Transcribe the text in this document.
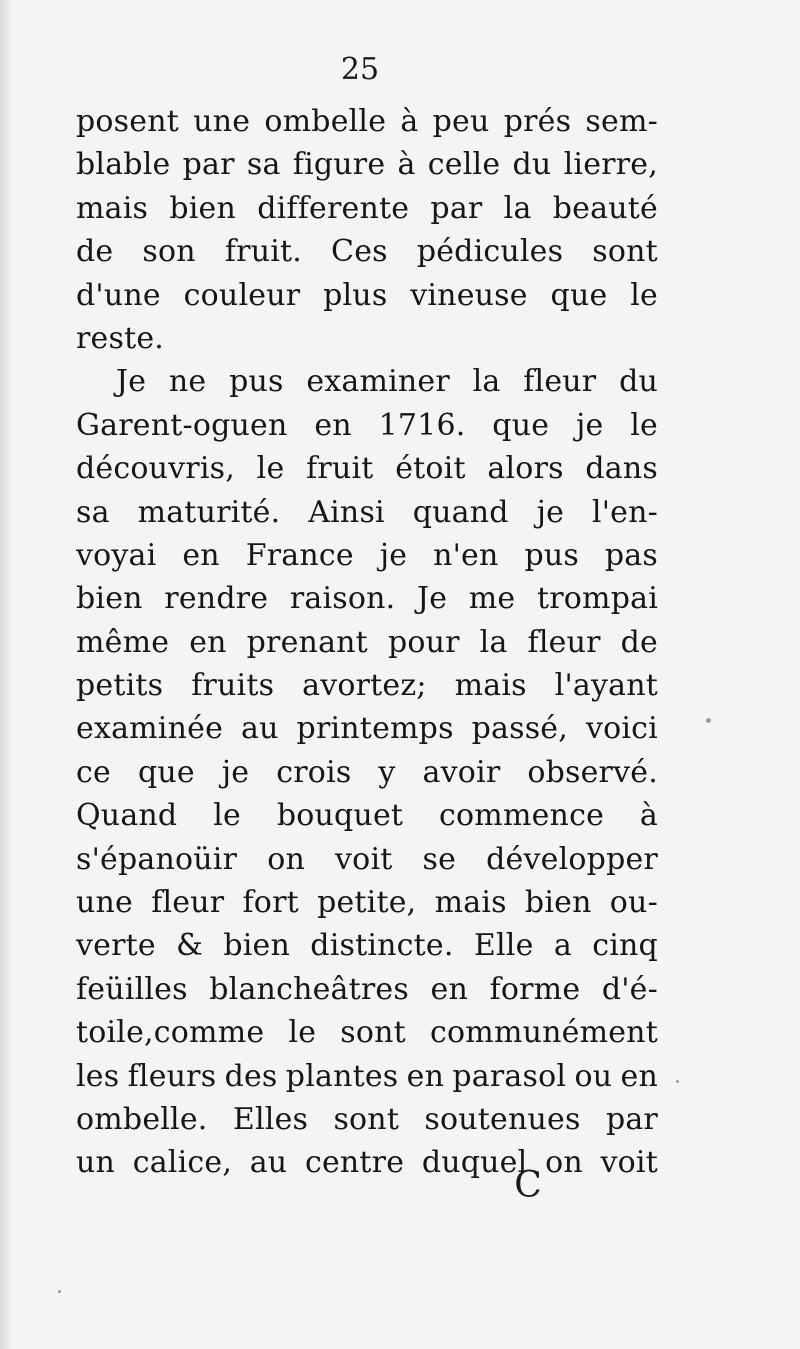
25
posent une ombelle à peu prés sem-
blable par sa figure à celle du lierre,
mais bien differente par la beauté
de son fruit. Ces pédicules sont
d'une couleur plus vineuse que le
reste.
Je ne pus examiner la fleur du
Garent-oguen en 1716. que je le
découvris, le fruit étoit alors dans
sa maturité. Ainsi quand je l'en-
voyai en France je n'en pus pas
bien rendre raison. Je me trompai
même en prenant pour la fleur de
petits fruits avortez; mais l'ayant
examinée au printemps passé, voici
ce que je crois y avoir observé.
Quand le bouquet commence à
s'épanoüir on voit se développer
une fleur fort petite, mais bien ou-
verte & bien distincte. Elle a cinq
feüilles blancheâtres en forme d'é-
toile,comme le sont communément
les fleurs des plantes en parasol ou en
ombelle. Elles sont soutenues par
un calice, au centre duquel on voit
C
